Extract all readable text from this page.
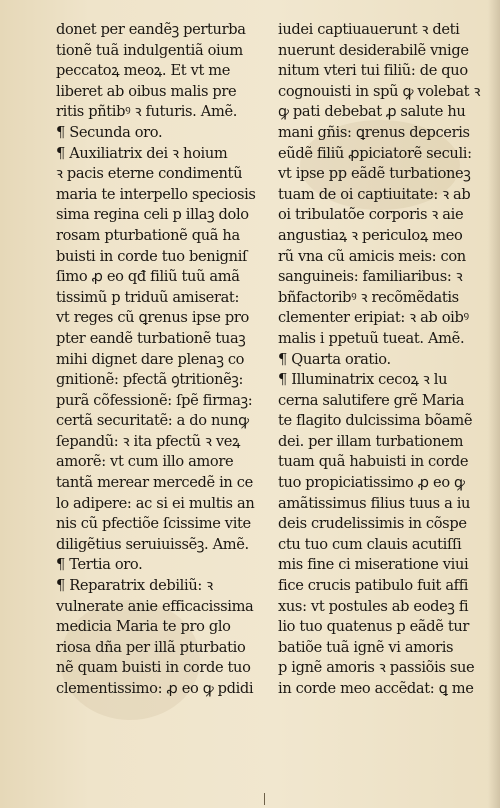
donet per eandẽꝫ perturba
tionẽ tuã indulgentiã oium
peccatoꝝ meoꝝ. Et vt me
liberet ab oibus malis pre
ritis pñtibꝰ ꝛ futuris. Amẽ.
¶ Secunda oro.
¶ Auxiliatrix dei ꝛ hoium
ꝛ pacis eterne condimentũ
maria te interpello speciosis
sima regina celi p illaꝫ dolo
rosam pturbationẽ quã ha
buisti in corde tuo benigniſ
ſimo ꝓ eo qđ filiũ tuũ amã
tissimũ p triduũ amiserat:
vt reges cũ ꝗrenus ipse pro
pter eandẽ turbationẽ tuaꝫ
mihi dignet dare plenaꝫ co
gnitionẽ: pfectã ꝯtritionẽꝫ:
purã cõfessionẽ: ſpẽ firmaꝫ:
certã securitatẽ: a do nunꝙ
ſepandũ: ꝛ ita pfectũ ꝛ veꝝ
amorẽ: vt cum illo amore
tantã merear mercedẽ in ce
lo adipere: ac si ei multis an
nis cũ pfectiõe ſcissime vite
diligẽtius seruiuissẽꝫ. Amẽ.
¶ Tertia oro.
¶ Reparatrix debiliũ: ꝛ
vulnerate anie efficacissima
medicia Maria te pro glo
riosa dña per illã pturbatio
nẽ quam buisti in corde tuo
clementissimo: ꝓ eo ꝙ pdidi
iudei captiuauerunt ꝛ deti
nuerunt desiderabilẽ vnige
nitum vteri tui filiũ: de quo
cognouisti in spũ ꝙ volebat ꝛ
ꝙ pati debebat ꝓ salute hu
mani gñis: ꝗrenus depceris
eũdẽ filiũ ꝓpiciatorẽ seculi:
vt ipse pp eãdẽ turbationeꝫ
tuam de oi captiuitate: ꝛ ab
oi tribulatõe corporis ꝛ aie
angustiaꝝ ꝛ periculoꝝ meo
rũ vna cũ amicis meis: con
sanguineis: familiaribus: ꝛ
bñfactoribꝰ ꝛ recõmẽdatis
clementer eripiat: ꝛ ab oibꝰ
malis i ppetuũ tueat. Amẽ.
¶ Quarta oratio.
¶ Illuminatrix cecoꝝ ꝛ lu
cerna salutifere grẽ Maria
te flagito dulcissima bõamẽ
dei. per illam turbationem
tuam quã habuisti in corde
tuo propiciatissimo ꝓ eo ꝙ
amãtissimus filius tuus a iu
deis crudelissimis in cõspe
ctu tuo cum clauis acutiſſi
mis fine ci miseratione viui
fice crucis patibulo fuit affi
xus: vt postules ab eodeꝫ fi
lio tuo quatenus p eãdẽ tur
batiõe tuã ignẽ vi amoris
p ignẽ amoris ꝛ passiõis sue
in corde meo accẽdat: ꝗ me
